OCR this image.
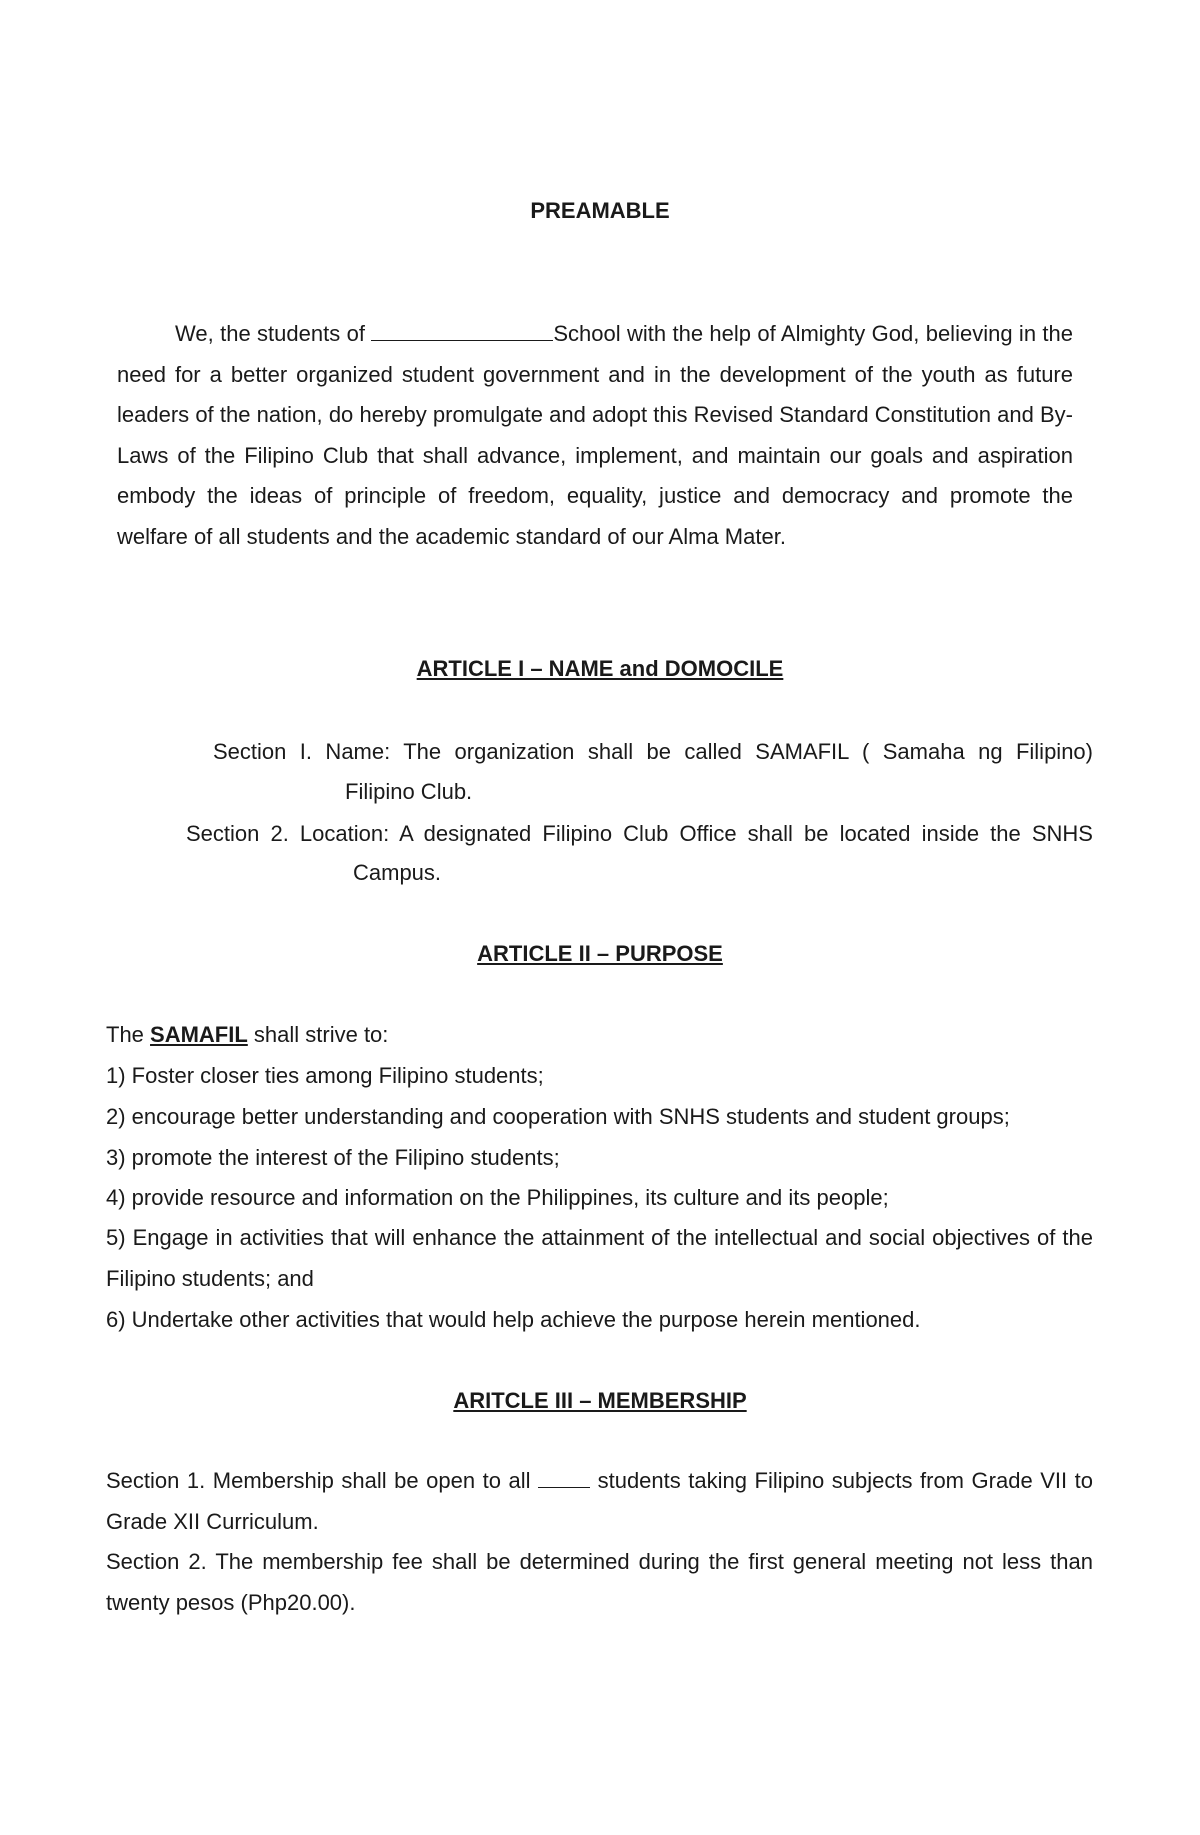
PREAMABLE

We, the students of	School with the help of Almighty God, believing in the need for a better organized student government and in the development of the youth as future leaders of the nation, do hereby promulgate and adopt this Revised Standard Constitution and By- Laws of the Filipino Club that shall advance, implement, and maintain our goals and aspiration embody the ideas of principle of freedom, equality, justice and democracy and promote the welfare of all students and the academic standard of our Alma Mater.

ARTICLE I – NAME and DOMOCILE
Section I. Name: The organization shall be called SAMAFIL ( Samaha ng Filipino)
Filipino Club.
Section 2. Location: A designated Filipino Club Office shall be located inside the SNHS
Campus.
ARTICLE II – PURPOSE
The SAMAFIL shall strive to:
1) Foster closer ties among Filipino students;
2) encourage better understanding and cooperation with SNHS students and student groups;
3) promote the interest of the Filipino students;
4) provide resource and information on the Philippines, its culture and its people;

5) Engage in activities that will enhance the attainment of the intellectual and social objectives of the Filipino students; and

6) Undertake other activities that would help achieve the purpose herein mentioned.
ARITCLE III – MEMBERSHIP

Section 1. Membership shall be open to all  students taking Filipino subjects from Grade VII to Grade XII Curriculum.

Section 2. The membership fee shall be determined during the first general meeting not less than twenty pesos (Php20.00).
